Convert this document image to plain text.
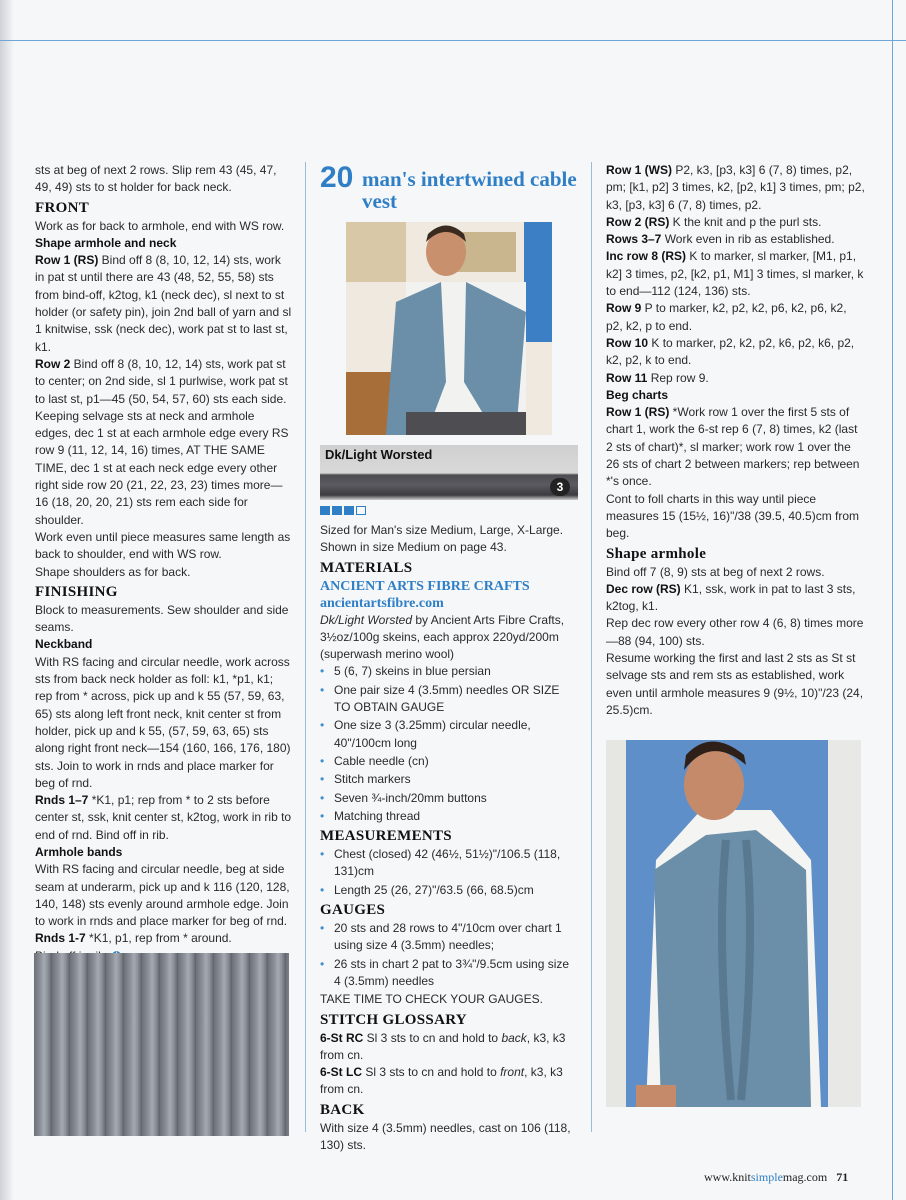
sts at beg of next 2 rows. Slip rem 43 (45, 47, 49, 49) sts to st holder for back neck.

FRONT

Work as for back to armhole, end with WS row.

Shape armhole and neck

Row 1 (RS) Bind off 8 (8, 10, 12, 14) sts, work in pat st until there are 43 (48, 52, 55, 58) sts from bind-off, k2tog, k1 (neck dec), sl next to st holder (or safety pin), join 2nd ball of yarn and sl 1 knitwise, ssk (neck dec), work pat st to last st, k1.

Row 2 Bind off 8 (8, 10, 12, 14) sts, work pat st to center; on 2nd side, sl 1 purlwise, work pat st to last st, p1—45 (50, 54, 57, 60) sts each side.

Keeping selvage sts at neck and armhole edges, dec 1 st at each armhole edge every RS row 9 (11, 12, 14, 16) times, AT THE SAME TIME, dec 1 st at each neck edge every other right side row 20 (21, 22, 23, 23) times more—16 (18, 20, 20, 21) sts rem each side for shoulder.

Work even until piece measures same length as back to shoulder, end with WS row.

Shape shoulders as for back.

FINISHING

Block to measurements. Sew shoulder and side seams.

Neckband

With RS facing and circular needle, work across sts from back neck holder as foll: k1, *p1, k1; rep from * across, pick up and k 55 (57, 59, 63, 65) sts along left front neck, knit center st from holder, pick up and k 55, (57, 59, 63, 65) sts along right front neck—154 (160, 166, 176, 180) sts. Join to work in rnds and place marker for beg of rnd.

Rnds 1–7 *K1, p1; rep from * to 2 sts before center st, ssk, knit center st, k2tog, work in rib to end of rnd. Bind off in rib.

Armhole bands

With RS facing and circular needle, beg at side seam at underarm, pick up and k 116 (120, 128, 140, 148) sts evenly around armhole edge. Join to work in rnds and place marker for beg of rnd.

Rnds 1-7 *K1, p1, rep from * around.

20 man's intertwined cable vest
Dk/Light Worsted
3

Sized for Man's size Medium, Large, X-Large. Shown in size Medium on page 43.

MATERIALS

ANCIENT ARTS FIBRE CRAFTS

ancientartsfibre.com

Dk/Light Worsted by Ancient Arts Fibre Crafts, 3½oz/100g skeins, each approx 220yd/200m (superwash merino wool)

• 5 (6, 7) skeins in blue persian

• One pair size 4 (3.5mm) needles OR SIZE TO OBTAIN GAUGE

• One size 3 (3.25mm) circular needle, 40"/100cm long

• Cable needle (cn)

• Stitch markers

• Seven ¾-inch/20mm buttons

• Matching thread

MEASUREMENTS

• Chest (closed) 42 (46½, 51½)"/106.5 (118, 131)cm

• Length 25 (26, 27)"/63.5 (66, 68.5)cm

GAUGES

• 20 sts and 28 rows to 4"/10cm over chart 1 using size 4 (3.5mm) needles;

• 26 sts in chart 2 pat to 3¾"/9.5cm using size 4 (3.5mm) needles

TAKE TIME TO CHECK YOUR GAUGES.

STITCH GLOSSARY

6-St RC Sl 3 sts to cn and hold to back, k3, k3 from cn.

6-St LC Sl 3 sts to cn and hold to front, k3, k3 from cn.

BACK

With size 4 (3.5mm) needles, cast on 106 (118, 130) sts.

Row 1 (WS) P2, k3, [p3, k3] 6 (7, 8) times, p2, pm; [k1, p2] 3 times, k2, [p2, k1] 3 times, pm; p2, k3, [p3, k3] 6 (7, 8) times, p2.

Row 2 (RS) K the knit and p the purl sts.

Rows 3–7 Work even in rib as established.

Inc row 8 (RS) K to marker, sl marker, [M1, p1, k2] 3 times, p2, [k2, p1, M1] 3 times, sl marker, k to end—112 (124, 136) sts.

Row 9 P to marker, k2, p2, k2, p6, k2, p6, k2, p2, k2, p to end.

Row 10 K to marker, p2, k2, p2, k6, p2, k6, p2, k2, p2, k to end.

Row 11 Rep row 9.

Beg charts

Row 1 (RS) *Work row 1 over the first 5 sts of chart 1, work the 6-st rep 6 (7, 8) times, k2 (last 2 sts of chart)*, sl marker; work row 1 over the 26 sts of chart 2 between markers; rep between *'s once.

Cont to foll charts in this way until piece measures 15 (15½, 16)"/38 (39.5, 40.5)cm from beg.

Shape armhole

Bind off 7 (8, 9) sts at beg of next 2 rows.

Dec row (RS) K1, ssk, work in pat to last 3 sts, k2tog, k1.

Rep dec row every other row 4 (6, 8) times more—88 (94, 100) sts.

Resume working the first and last 2 sts as St st selvage sts and rem sts as established, work even until armhole measures 9 (9½, 10)"/23 (24, 25.5)cm.

www.knitsimplemag.com 71
